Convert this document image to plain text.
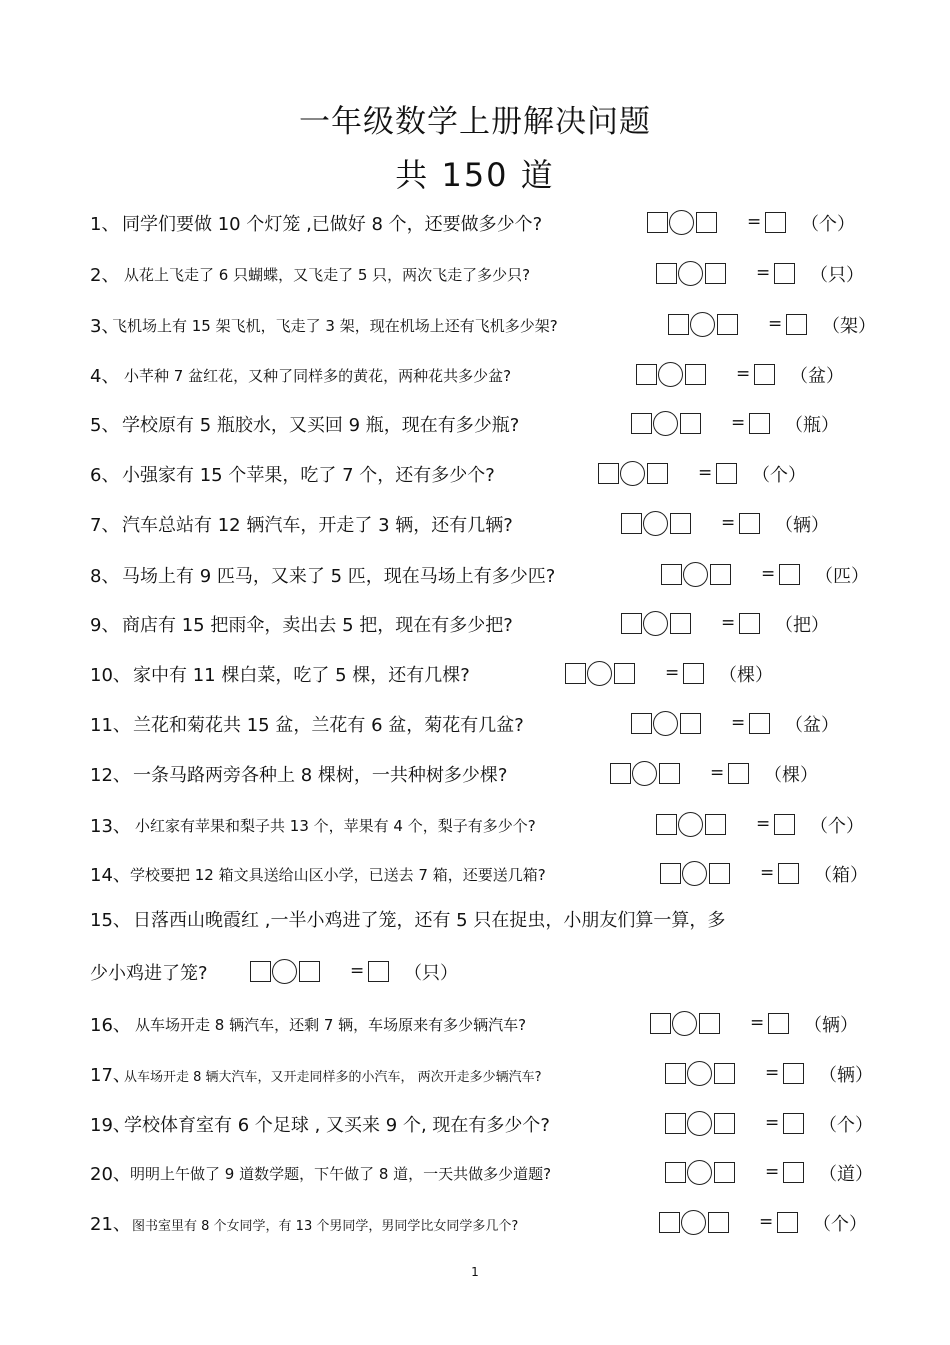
一年级数学上册解决问题
共 150 道
1、 同学们要做 10 个灯笼 ,已做好 8 个，还要做多少个?	= （个）
2、 从花上飞走了 6 只蝴蝶，又飞走了 5 只，两次飞走了多少只?	= （只）
3、
飞机场上有 15 架飞机，飞走了 3 架，现在机场上还有飞机多少架?	= （架）
4、 小芊种 7 盆红花，又种了同样多的黄花，两种花共多少盆?	= （盆）
5、 学校原有 5 瓶胶水，又买回 9 瓶，现在有多少瓶?	= （瓶）
6、 小强家有 15 个苹果，吃了 7 个，还有多少个?	= （个）
7、 汽车总站有 12 辆汽车，开走了 3 辆，还有几辆?	= （辆）
8、 马场上有 9 匹马，又来了 5 匹，现在马场上有多少匹?	= （匹）
9、 商店有 15 把雨伞，卖出去 5 把，现在有多少把?	= （把）
10、 家中有 11 棵白菜，吃了 5 棵，还有几棵?	= （棵）
11、 兰花和菊花共 15 盆，兰花有 6 盆，菊花有几盆?	= （盆）
12、 一条马路两旁各种上 8 棵树，一共种树多少棵?	= （棵）
13、 小红家有苹果和梨子共 13 个，苹果有 4 个，梨子有多少个?	= （个）
14、 学校要把 12 箱文具送给山区小学，已送去 7 箱，还要送几箱?	= （箱）
15、 日落西山晚霞红 ,一半小鸡进了笼，还有 5 只在捉虫，小朋友们算一算，多
少小鸡进了笼?	= （只）
16、 从车场开走 8 辆汽车，还剩 7 辆，车场原来有多少辆汽车?	= （辆）
17、
从车场开走 8 辆大汽车，又开走同样多的小汽车， 两次开走多少辆汽车?	= （辆）
19、
学校体育室有 6 个足球 , 又买来 9 个, 现在有多少个?	= （个）
20、 明明上午做了 9 道数学题，下午做了 8 道，一天共做多少道题?	= （道）
21、 图书室里有 8 个女同学，有 13 个男同学，男同学比女同学多几个?	= （个）
1
